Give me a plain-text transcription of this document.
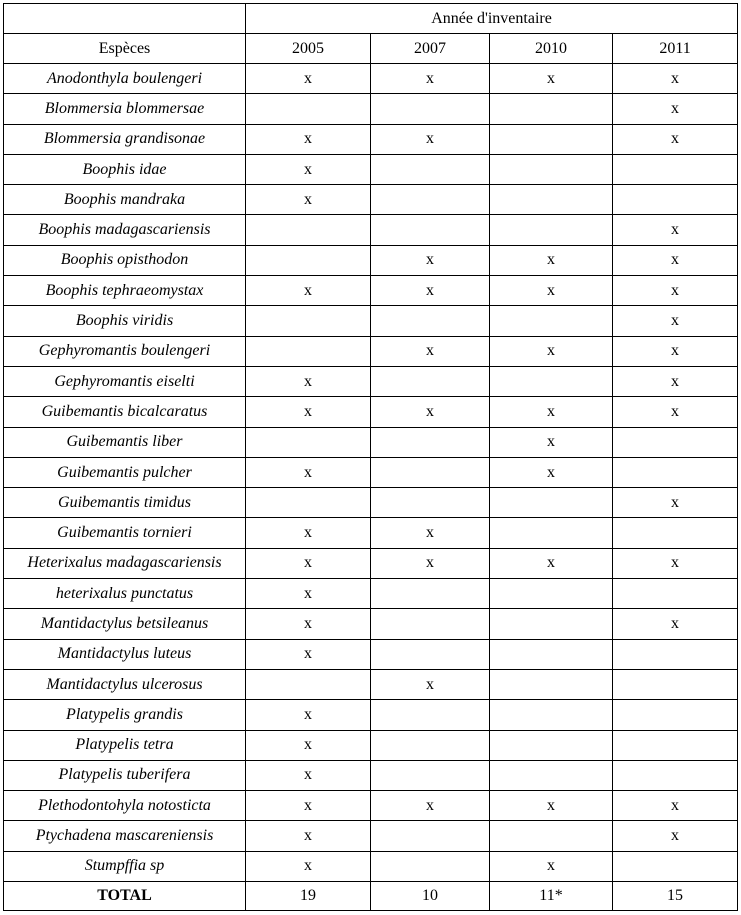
	Année d'inventaire			
Espèces	2005	2007	2010	2011
Anodonthyla boulengeri	x	x	x	x
Blommersia blommersae				x
Blommersia grandisonae	x	x		x
Boophis idae	x			
Boophis mandraka	x			
Boophis madagascariensis				x
Boophis opisthodon		x	x	x
Boophis tephraeomystax	x	x	x	x
Boophis viridis				x
Gephyromantis boulengeri		x	x	x
Gephyromantis eiselti	x			x
Guibemantis bicalcaratus	x	x	x	x
Guibemantis liber			x	
Guibemantis pulcher	x		x	
Guibemantis timidus				x
Guibemantis tornieri	x	x		
Heterixalus madagascariensis	x	x	x	x
heterixalus punctatus	x			
Mantidactylus betsileanus	x			x
Mantidactylus luteus	x			
Mantidactylus ulcerosus		x		
Platypelis grandis	x			
Platypelis tetra	x			
Platypelis tuberifera	x			
Plethodontohyla notosticta	x	x	x	x
Ptychadena mascareniensis	x			x
Stumpffia sp	x		x	
TOTAL	19	10	11*	15
